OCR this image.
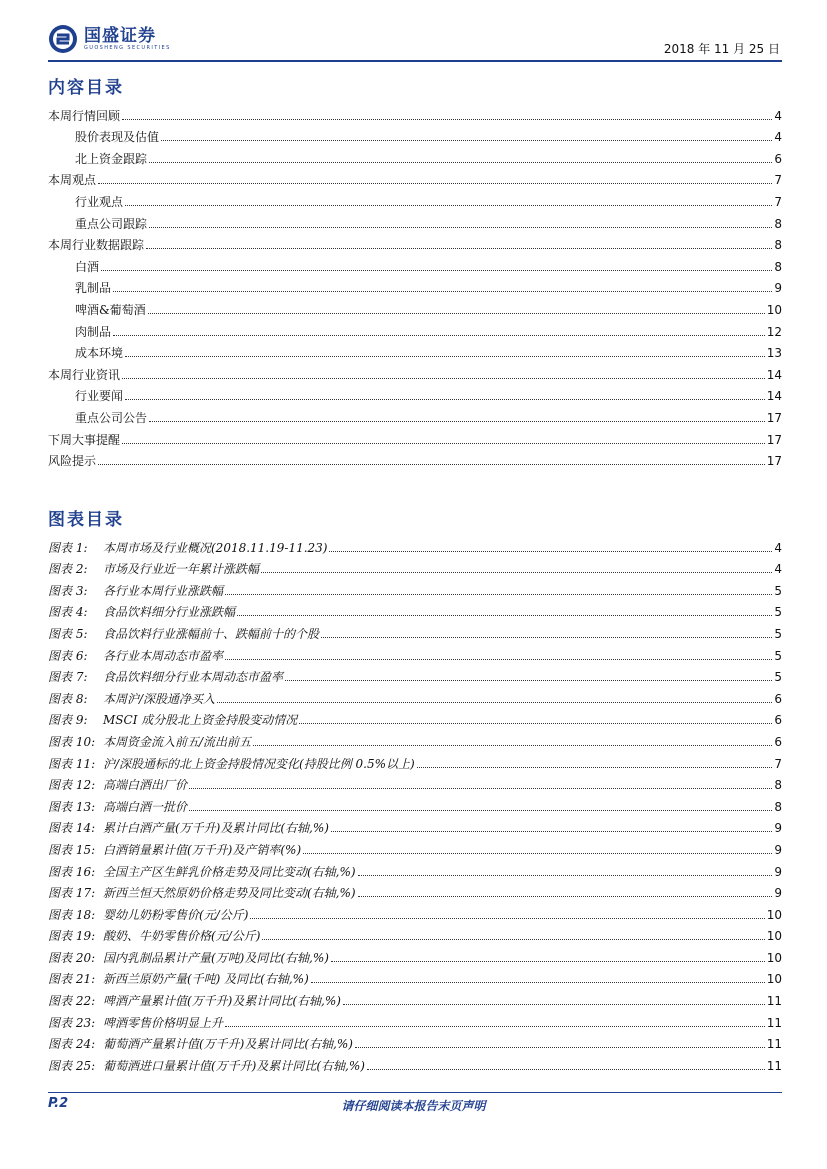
国盛证券
GUOSHENG SECURITIES	2018 年 11 月 25 日
内容目录
本周行情回顾	4
股价表现及估值	4
北上资金跟踪	6
本周观点	7
行业观点	7
重点公司跟踪	8
本周行业数据跟踪	8
白酒	8
乳制品	9
啤酒&葡萄酒	10
肉制品	12
成本环境	13
本周行业资讯	14
行业要闻	14
重点公司公告	17
下周大事提醒	17
风险提示	17
图表目录
图表 1:	本周市场及行业概况(2018.11.19-11.23)	4
图表 2:	市场及行业近一年累计涨跌幅	4
图表 3:	各行业本周行业涨跌幅	5
图表 4:	食品饮料细分行业涨跌幅	5
图表 5:	食品饮料行业涨幅前十、跌幅前十的个股	5
图表 6:	各行业本周动态市盈率	5
图表 7:	食品饮料细分行业本周动态市盈率	5
图表 8:	本周沪/深股通净买入	6
图表 9:	MSCI 成分股北上资金持股变动情况	6
图表 10: 本周资金流入前五/流出前五	6
图表 11: 沪/深股通标的北上资金持股情况变化(持股比例 0.5%以上)	7
图表 12: 高端白酒出厂价	8
图表 13: 高端白酒一批价	8
图表 14: 累计白酒产量(万千升)及累计同比(右轴,%)	9
图表 15: 白酒销量累计值(万千升)及产销率(%)	9
图表 16: 全国主产区生鲜乳价格走势及同比变动(右轴,%)	9
图表 17: 新西兰恒天然原奶价格走势及同比变动(右轴,%)	9
图表 18: 婴幼儿奶粉零售价(元/公斤)	10
图表 19: 酸奶、牛奶零售价格(元/公斤)	10
图表 20: 国内乳制品累计产量(万吨)及同比(右轴,%)	10
图表 21: 新西兰原奶产量(千吨) 及同比(右轴,%)	10
图表 22: 啤酒产量累计值(万千升)及累计同比(右轴,%)	11
图表 23: 啤酒零售价格明显上升	11
图表 24: 葡萄酒产量累计值(万千升)及累计同比(右轴,%)	11
图表 25: 葡萄酒进口量累计值(万千升)及累计同比(右轴,%)	11
P.2	请仔细阅读本报告末页声明
